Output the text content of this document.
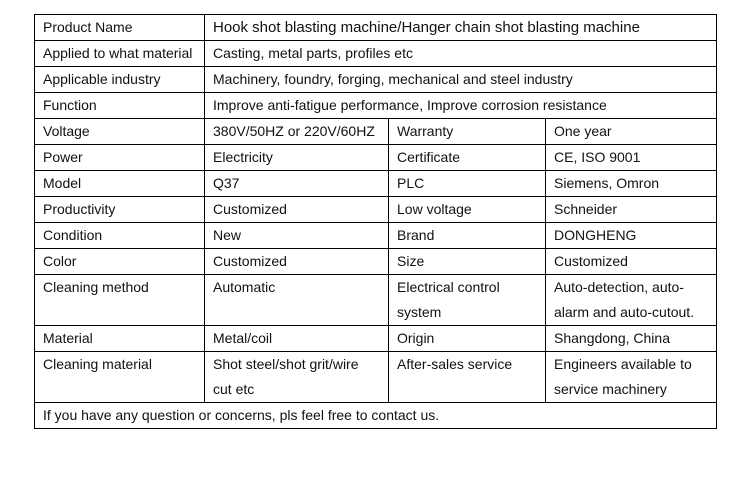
Product Name	Hook shot blasting machine/Hanger chain shot blasting machine		
Applied to what material	Casting, metal parts, profiles etc		
Applicable industry	Machinery, foundry, forging, mechanical and steel industry		
Function	Improve anti-fatigue performance, Improve corrosion resistance		
Voltage	380V/50HZ or 220V/60HZ	Warranty	One year
Power	Electricity	Certificate	CE, ISO 9001
Model	Q37	PLC	Siemens, Omron
Productivity	Customized	Low voltage	Schneider
Condition	New	Brand	DONGHENG
Color	Customized	Size	Customized
Cleaning method	Automatic	Electrical control system	Auto-detection, auto-alarm and auto-cutout.
Material	Metal/coil	Origin	Shangdong, China
Cleaning material	Shot steel/shot grit/wire cut etc	After-sales service	Engineers available to service machinery
If you have any question or concerns, pls feel free to contact us.			
